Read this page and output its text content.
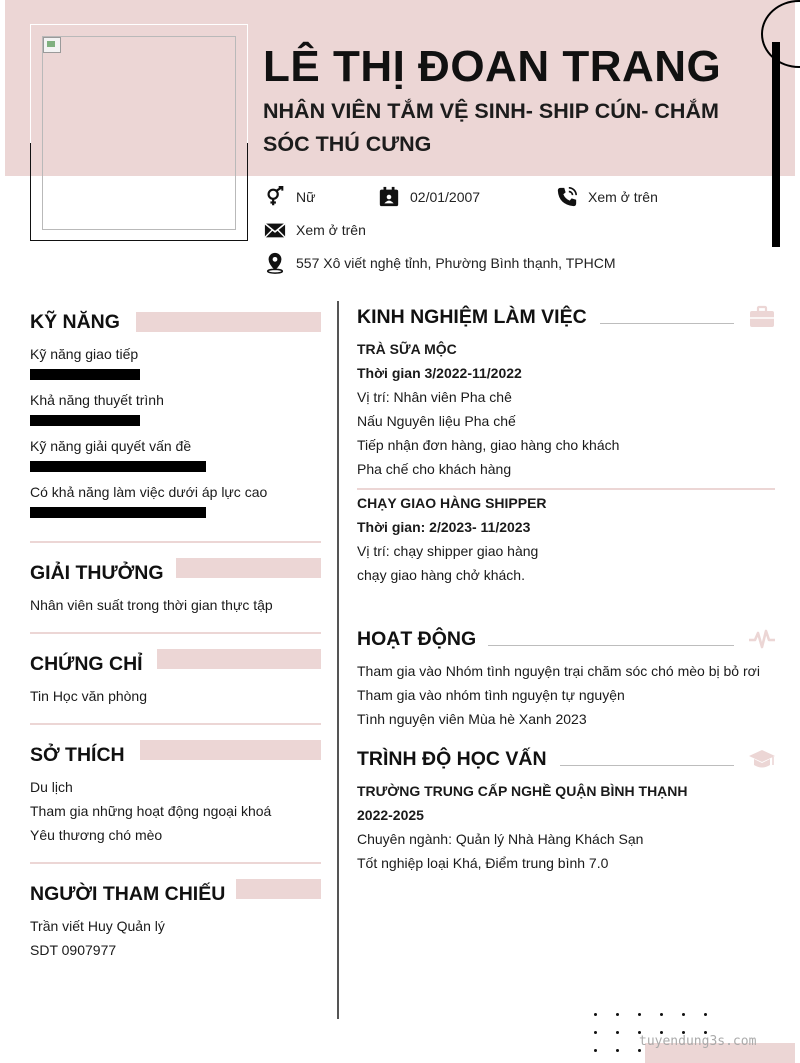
LÊ THỊ ĐOAN TRANG
NHÂN VIÊN TẮM VỆ SINH- SHIP CÚN- CHẮM SÓC THÚ CƯNG
Nữ	02/01/2007	Xem ở trên
Xem ở trên
557 Xô viết nghệ tỉnh, Phường Bình thạnh, TPHCM
KỸ NĂNG
Kỹ năng giao tiếp
Khả năng thuyết trình
Kỹ năng giải quyết vấn đề
Có khả năng làm việc dưới áp lực cao
GIẢI THƯỞNG
Nhân viên suất trong thời gian thực tập
CHỨNG CHỈ
Tin Học văn phòng
SỞ THÍCH
Du lịch
Tham gia những hoạt động ngoại khoá
Yêu thương chó mèo
NGƯỜI THAM CHIẾU
Trần viết Huy Quản lý
SDT 0907977
KINH NGHIỆM LÀM VIỆC
TRÀ SỮA MỘC
Thời gian 3/2022-11/2022
Vị trí: Nhân viên Pha chê
Nấu Nguyên liệu Pha chế
Tiếp nhận đơn hàng, giao hàng cho khách
Pha chế cho khách hàng
CHẠY GIAO HÀNG SHIPPER
Thời gian: 2/2023- 11/2023
Vị trí: chạy shipper giao hàng
chạy giao hàng chở khách.
HOẠT ĐỘNG
Tham gia vào Nhóm tình nguyện trại chăm sóc chó mèo bị bỏ rơi
Tham gia vào nhóm tình nguyện tự nguyện
Tình nguyện viên Mùa hè Xanh 2023
TRÌNH ĐỘ HỌC VẤN
TRƯỜNG TRUNG CẤP NGHỀ QUẬN BÌNH THẠNH
2022-2025
Chuyên ngành: Quản lý Nhà Hàng Khách Sạn
Tốt nghiệp loại Khá, Điểm trung bình 7.0
tuyendung3s.com
